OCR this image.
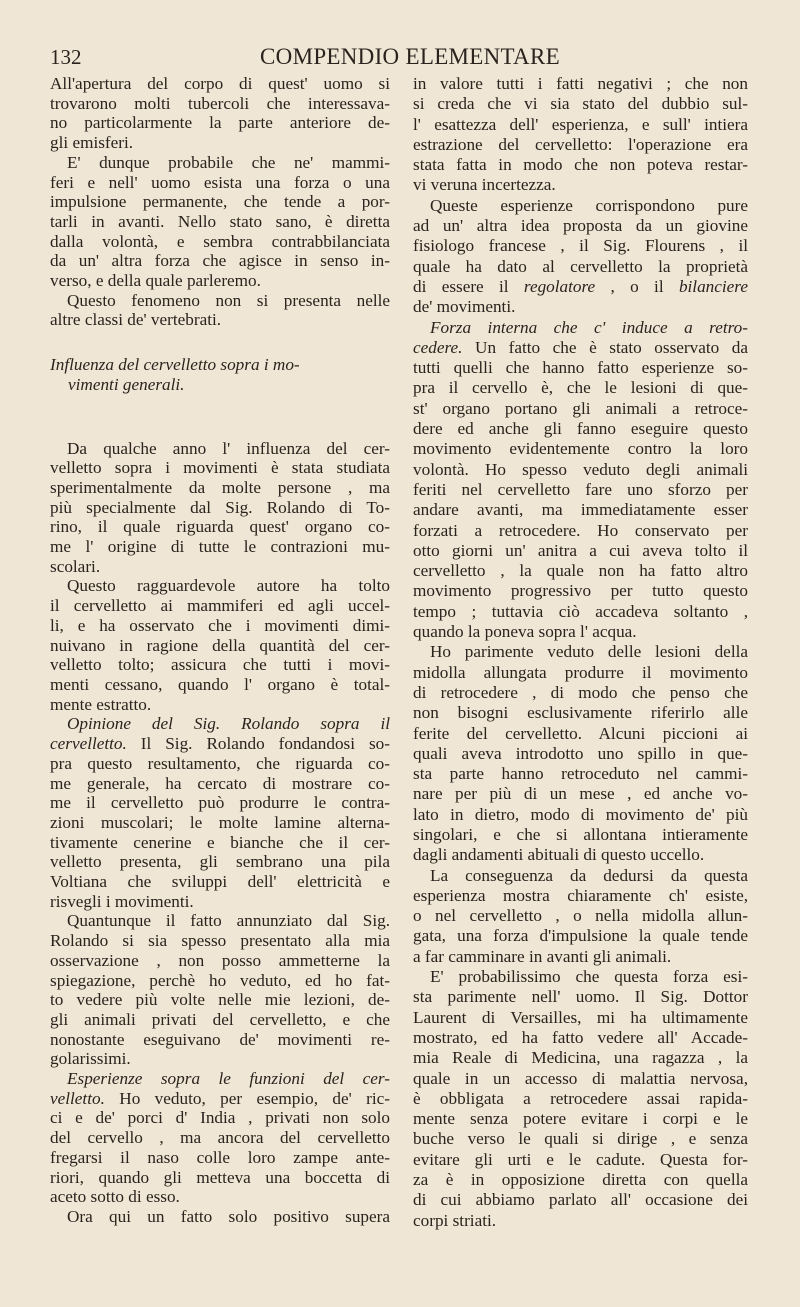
132	COMPENDIO ELEMENTARE
All'apertura del corpo di quest' uomo si
trovarono molti tubercoli che interessava-
no particolarmente la parte anteriore de-
gli emisferi.
E' dunque probabile che ne' mammi-
feri e nell' uomo esista una forza o una
impulsione permanente, che tende a por-
tarli in avanti. Nello stato sano, è diretta
dalla volontà, e sembra contrabbilanciata
da un' altra forza che agisce in senso in-
verso, e della quale parleremo.
Questo fenomeno non si presenta nelle
altre classi de' vertebrati.
Influenza del cervelletto sopra i mo-
vimenti generali.
Da qualche anno l' influenza del cer-
velletto sopra i movimenti è stata studiata
sperimentalmente da molte persone , ma
più specialmente dal Sig. Rolando di To-
rino, il quale riguarda quest' organo co-
me l' origine di tutte le contrazioni mu-
scolari.
Questo ragguardevole autore ha tolto
il cervelletto ai mammiferi ed agli uccel-
li, e ha osservato che i movimenti dimi-
nuivano in ragione della quantità del cer-
velletto tolto; assicura che tutti i movi-
menti cessano, quando l' organo è total-
mente estratto.
Opinione del Sig. Rolando sopra il
cervelletto. Il Sig. Rolando fondandosi so-
pra questo resultamento, che riguarda co-
me generale, ha cercato di mostrare co-
me il cervelletto può produrre le contra-
zioni muscolari; le molte lamine alterna-
tivamente cenerine e bianche che il cer-
velletto presenta, gli sembrano una pila
Voltiana che sviluppi dell' elettricità e
risvegli i movimenti.
Quantunque il fatto annunziato dal Sig.
Rolando si sia spesso presentato alla mia
osservazione , non posso ammetterne la
spiegazione, perchè ho veduto, ed ho fat-
to vedere più volte nelle mie lezioni, de-
gli animali privati del cervelletto, e che
nonostante eseguivano de' movimenti re-
golarissimi.
Esperienze sopra le funzioni del cer-
velletto. Ho veduto, per esempio, de' ric-
ci e de' porci d' India , privati non solo
del cervello , ma ancora del cervelletto
fregarsi il naso colle loro zampe ante-
riori, quando gli metteva una boccetta di
aceto sotto di esso.
Ora qui un fatto solo positivo supera
in valore tutti i fatti negativi ; che non
si creda che vi sia stato del dubbio sul-
l' esattezza dell' esperienza, e sull' intiera
estrazione del cervelletto: l'operazione era
stata fatta in modo che non poteva restar-
vi veruna incertezza.
Queste esperienze corrispondono pure
ad un' altra idea proposta da un giovine
fisiologo francese , il Sig. Flourens , il
quale ha dato al cervelletto la proprietà
di essere il regolatore , o il bilanciere
de' movimenti.
Forza interna che c' induce a retro-
cedere. Un fatto che è stato osservato da
tutti quelli che hanno fatto esperienze so-
pra il cervello è, che le lesioni di que-
st' organo portano gli animali a retroce-
dere ed anche gli fanno eseguire questo
movimento evidentemente contro la loro
volontà. Ho spesso veduto degli animali
feriti nel cervelletto fare uno sforzo per
andare avanti, ma immediatamente esser
forzati a retrocedere. Ho conservato per
otto giorni un' anitra a cui aveva tolto il
cervelletto , la quale non ha fatto altro
movimento progressivo per tutto questo
tempo ; tuttavia ciò accadeva soltanto ,
quando la poneva sopra l' acqua.
Ho parimente veduto delle lesioni della
midolla allungata produrre il movimento
di retrocedere , di modo che penso che
non bisogni esclusivamente riferirlo alle
ferite del cervelletto. Alcuni piccioni ai
quali aveva introdotto uno spillo in que-
sta parte hanno retroceduto nel cammi-
nare per più di un mese , ed anche vo-
lato in dietro, modo di movimento de' più
singolari, e che si allontana intieramente
dagli andamenti abituali di questo uccello.
La conseguenza da dedursi da questa
esperienza mostra chiaramente ch' esiste,
o nel cervelletto , o nella midolla allun-
gata, una forza d'impulsione la quale tende
a far camminare in avanti gli animali.
E' probabilissimo che questa forza esi-
sta parimente nell' uomo. Il Sig. Dottor
Laurent di Versailles, mi ha ultimamente
mostrato, ed ha fatto vedere all' Accade-
mia Reale di Medicina, una ragazza , la
quale in un accesso di malattia nervosa,
è obbligata a retrocedere assai rapida-
mente senza potere evitare i corpi e le
buche verso le quali si dirige , e senza
evitare gli urti e le cadute. Questa for-
za è in opposizione diretta con quella
di cui abbiamo parlato all' occasione dei
corpi striati.
